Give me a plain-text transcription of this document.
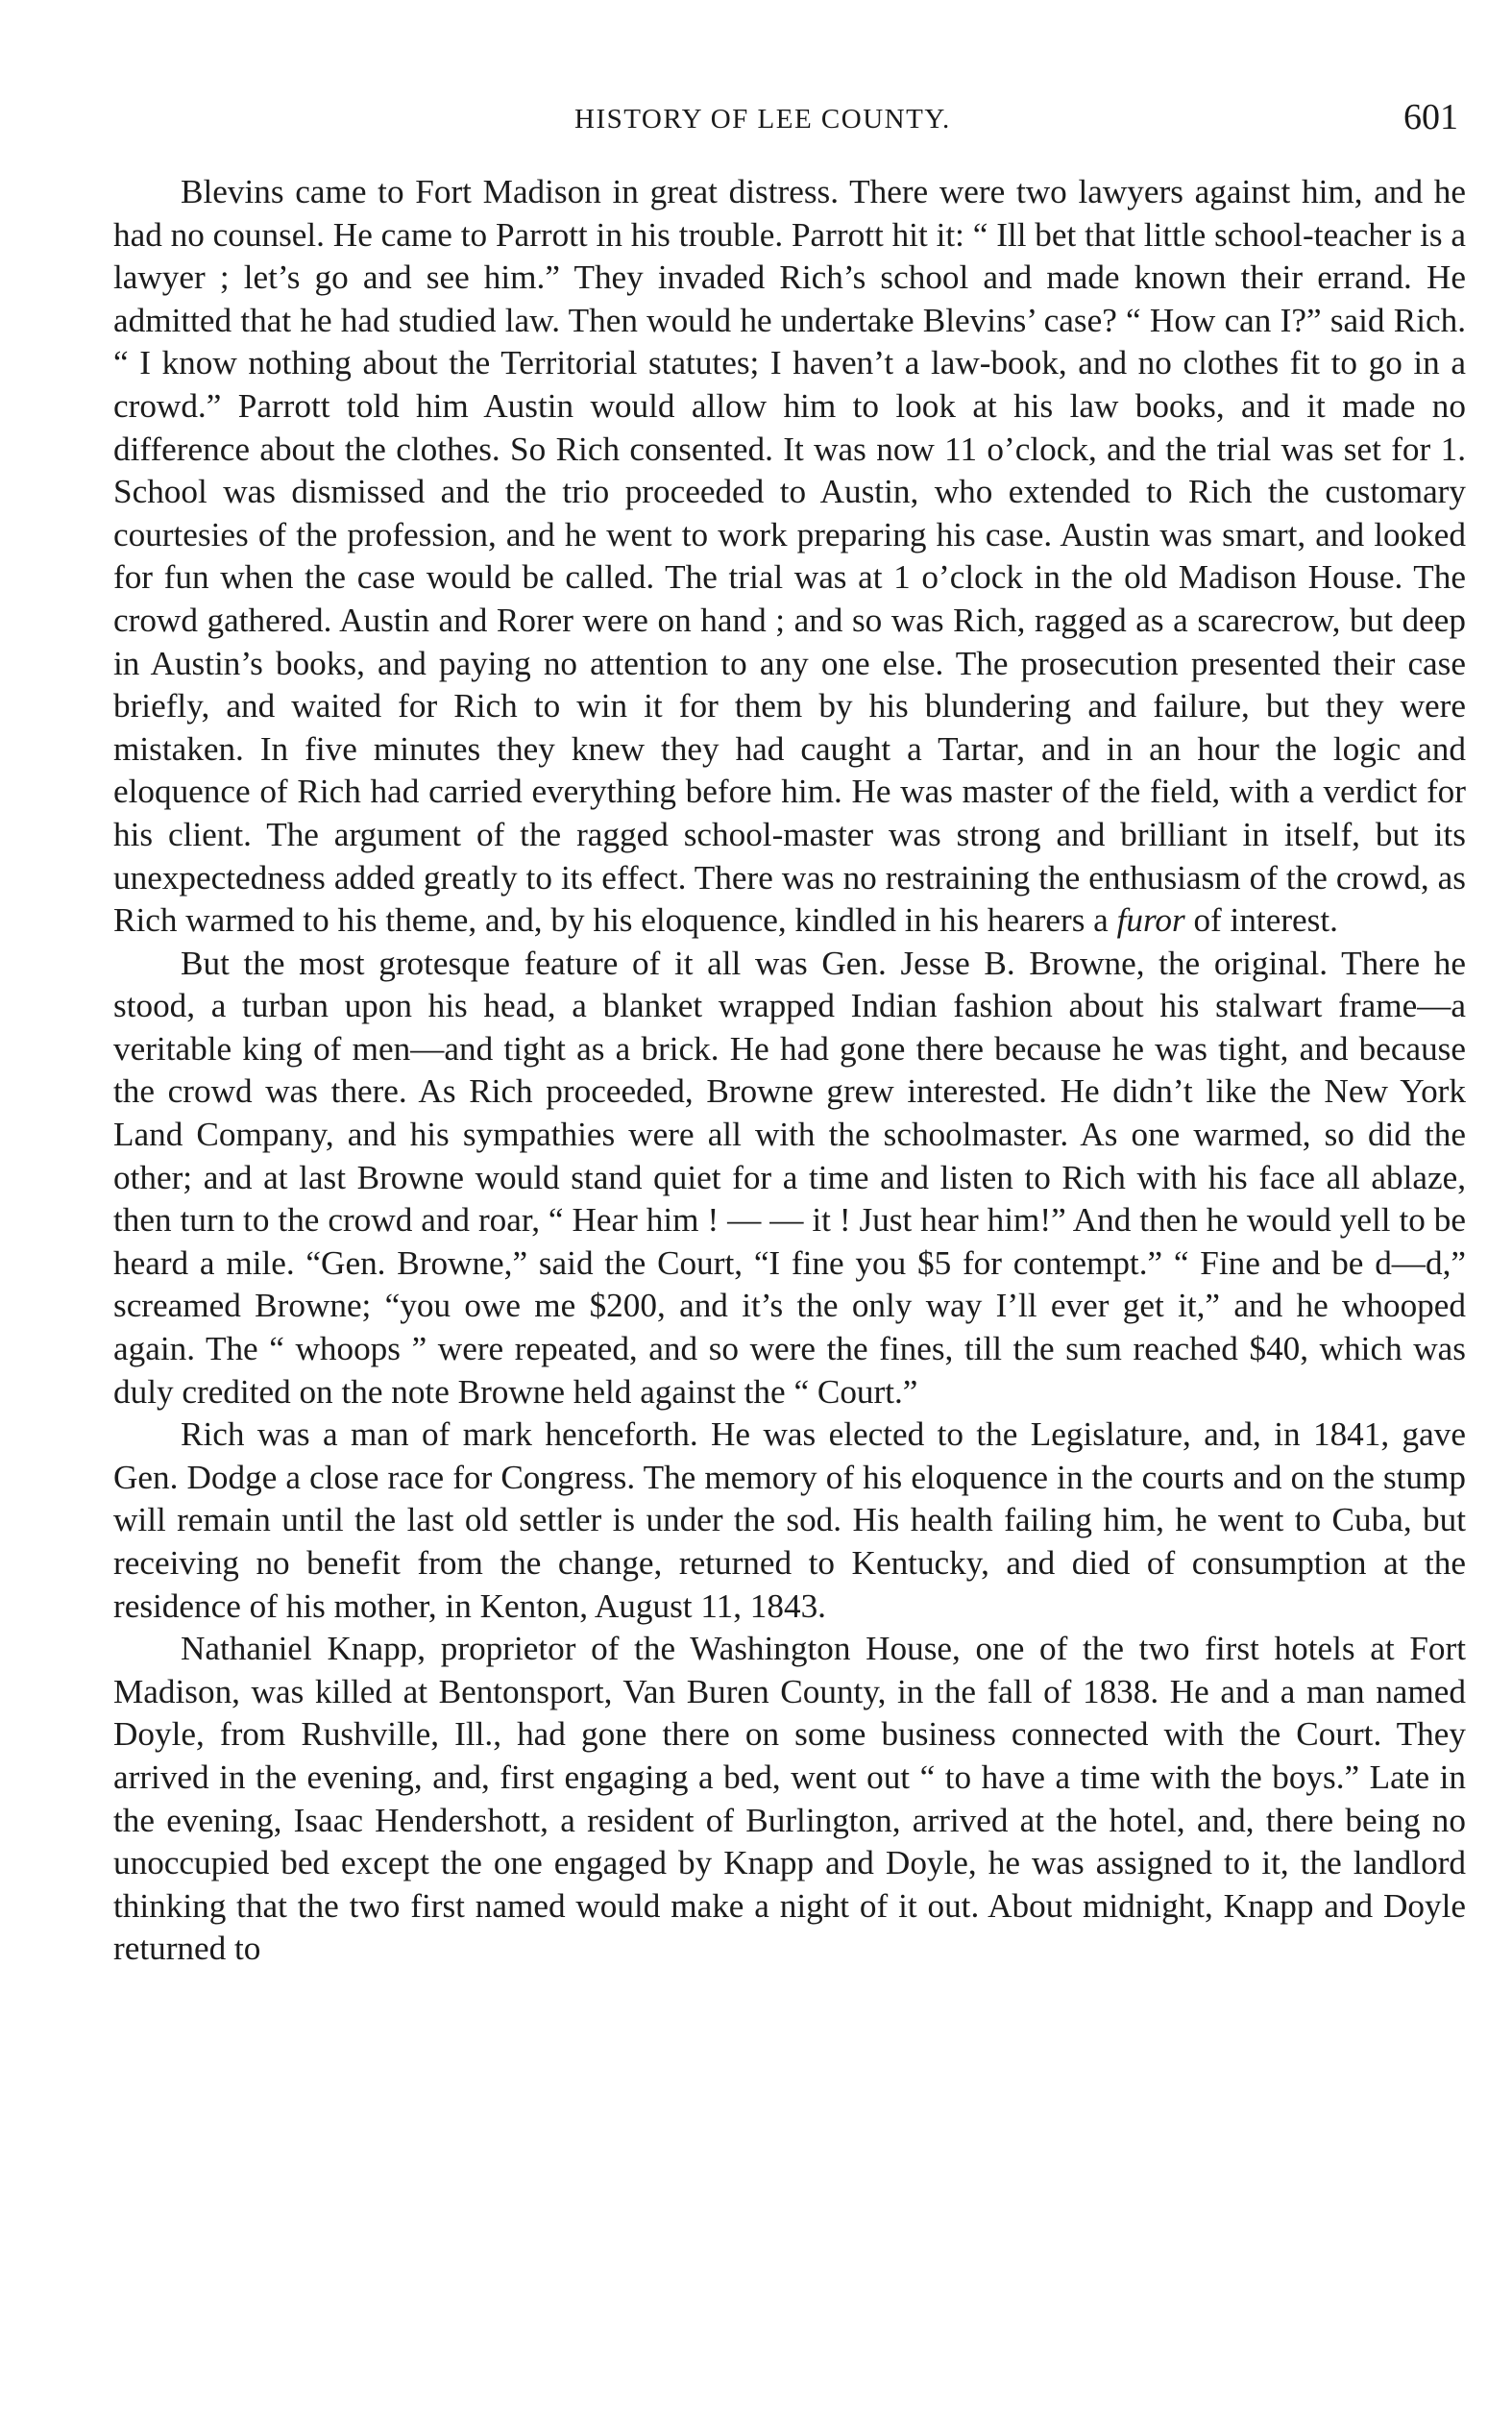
HISTORY OF LEE COUNTY.	601

Blevins came to Fort Madison in great distress. There were two lawyers against him, and he had no counsel. He came to Parrott in his trouble. Parrott hit it: “ Ill bet that little school-teacher is a lawyer ; let’s go and see him.” They invaded Rich’s school and made known their errand. He admitted that he had studied law. Then would he undertake Blevins’ case? “ How can I?” said Rich. “ I know nothing about the Territorial statutes; I haven’t a law-book, and no clothes fit to go in a crowd.” Parrott told him Austin would allow him to look at his law books, and it made no difference about the clothes. So Rich consented. It was now 11 o’clock, and the trial was set for 1. School was dismissed and the trio proceeded to Austin, who extended to Rich the customary courtesies of the profession, and he went to work preparing his case. Austin was smart, and looked for fun when the case would be called. The trial was at 1 o’clock in the old Madison House. The crowd gathered. Austin and Rorer were on hand ; and so was Rich, ragged as a scarecrow, but deep in Austin’s books, and paying no attention to any one else. The prosecution presented their case briefly, and waited for Rich to win it for them by his blundering and failure, but they were mistaken. In five minutes they knew they had caught a Tartar, and in an hour the logic and eloquence of Rich had carried everything before him. He was master of the field, with a verdict for his client. The argument of the ragged school-master was strong and brilliant in itself, but its unexpectedness added greatly to its effect. There was no restraining the enthusiasm of the crowd, as Rich warmed to his theme, and, by his eloquence, kindled in his hearers a furor of interest.

But the most grotesque feature of it all was Gen. Jesse B. Browne, the original. There he stood, a turban upon his head, a blanket wrapped Indian fashion about his stalwart frame—a veritable king of men—and tight as a brick. He had gone there because he was tight, and because the crowd was there. As Rich proceeded, Browne grew interested. He didn’t like the New York Land Company, and his sympathies were all with the schoolmaster. As one warmed, so did the other; and at last Browne would stand quiet for a time and listen to Rich with his face all ablaze, then turn to the crowd and roar, “ Hear him ! — — it ! Just hear him!” And then he would yell to be heard a mile. “Gen. Browne,” said the Court, “I fine you $5 for contempt.” “ Fine and be d—d,” screamed Browne; “you owe me $200, and it’s the only way I’ll ever get it,” and he whooped again. The “ whoops ” were repeated, and so were the fines, till the sum reached $40, which was duly credited on the note Browne held against the “ Court.”

Rich was a man of mark henceforth. He was elected to the Legislature, and, in 1841, gave Gen. Dodge a close race for Congress. The memory of his eloquence in the courts and on the stump will remain until the last old settler is under the sod. His health failing him, he went to Cuba, but receiving no benefit from the change, returned to Kentucky, and died of consumption at the residence of his mother, in Kenton, August 11, 1843.

Nathaniel Knapp, proprietor of the Washington House, one of the two first hotels at Fort Madison, was killed at Bentonsport, Van Buren County, in the fall of 1838. He and a man named Doyle, from Rushville, Ill., had gone there on some business connected with the Court. They arrived in the evening, and, first engaging a bed, went out “ to have a time with the boys.” Late in the evening, Isaac Hendershott, a resident of Burlington, arrived at the hotel, and, there being no unoccupied bed except the one engaged by Knapp and Doyle, he was assigned to it, the landlord thinking that the two first named would make a night of it out. About midnight, Knapp and Doyle returned to
